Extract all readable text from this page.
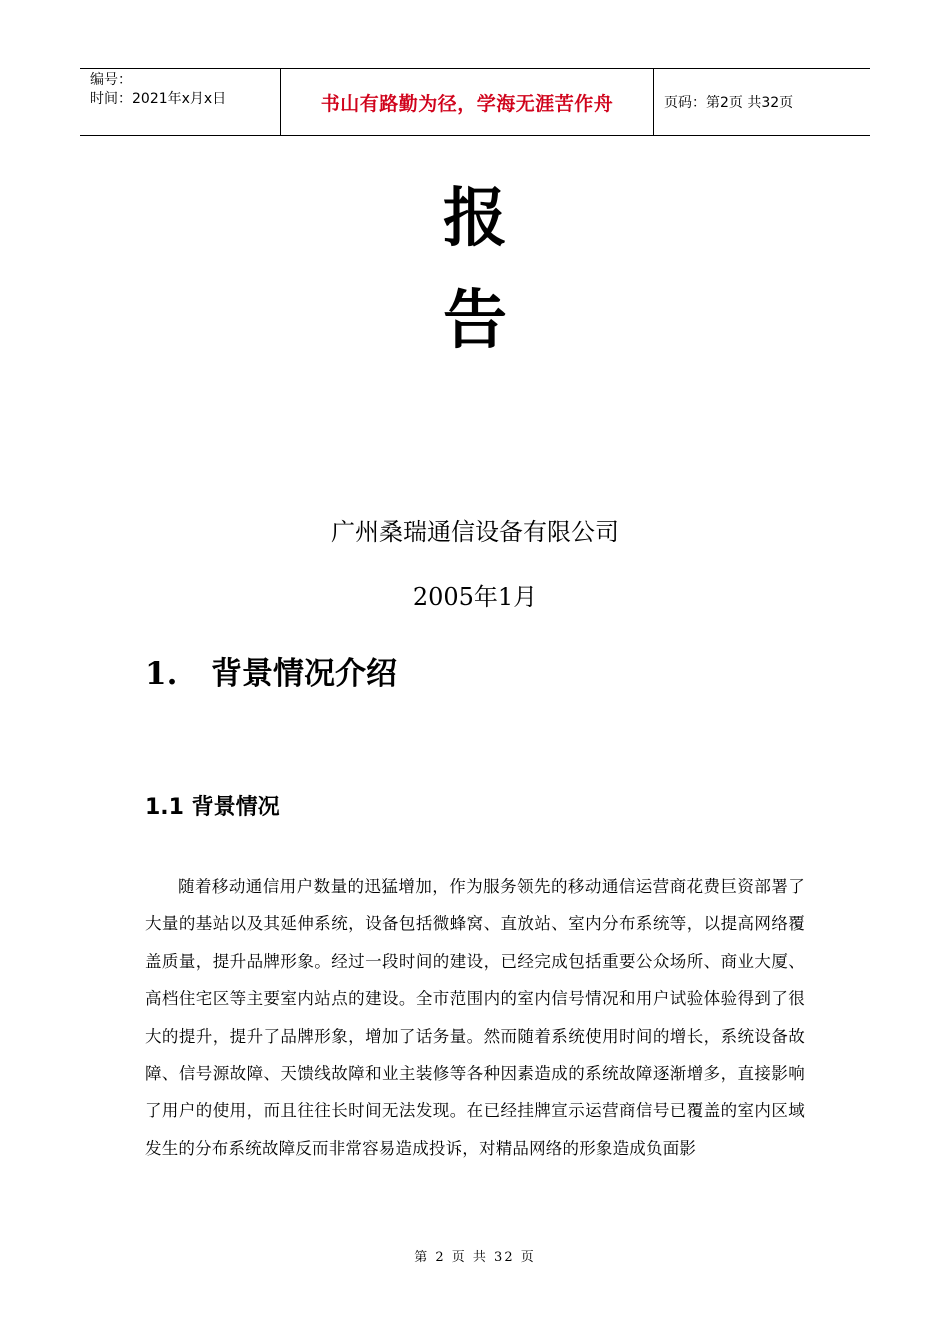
编号：
时间：2021年x月x日	书山有路勤为径，学海无涯苦作舟	页码：第2页 共32页
报
告
广州桑瑞通信设备有限公司
2005年1月
1.	背景情况介绍
1.1 背景情况
随着移动通信用户数量的迅猛增加，作为服务领先的移动通信运营商花费巨资部署了大量的基站以及其延伸系统，设备包括微蜂窝、直放站、室内分布系统等，以提高网络覆盖质量，提升品牌形象。经过一段时间的建设，已经完成包括重要公众场所、商业大厦、高档住宅区等主要室内站点的建设。全市范围内的室内信号情况和用户试验体验得到了很大的提升，提升了品牌形象，增加了话务量。然而随着系统使用时间的增长，系统设备故障、信号源故障、天馈线故障和业主装修等各种因素造成的系统故障逐渐增多，直接影响了用户的使用，而且往往长时间无法发现。在已经挂牌宣示运营商信号已覆盖的室内区域发生的分布系统故障反而非常容易造成投诉，对精品网络的形象造成负面影
第 2 页 共 32 页
